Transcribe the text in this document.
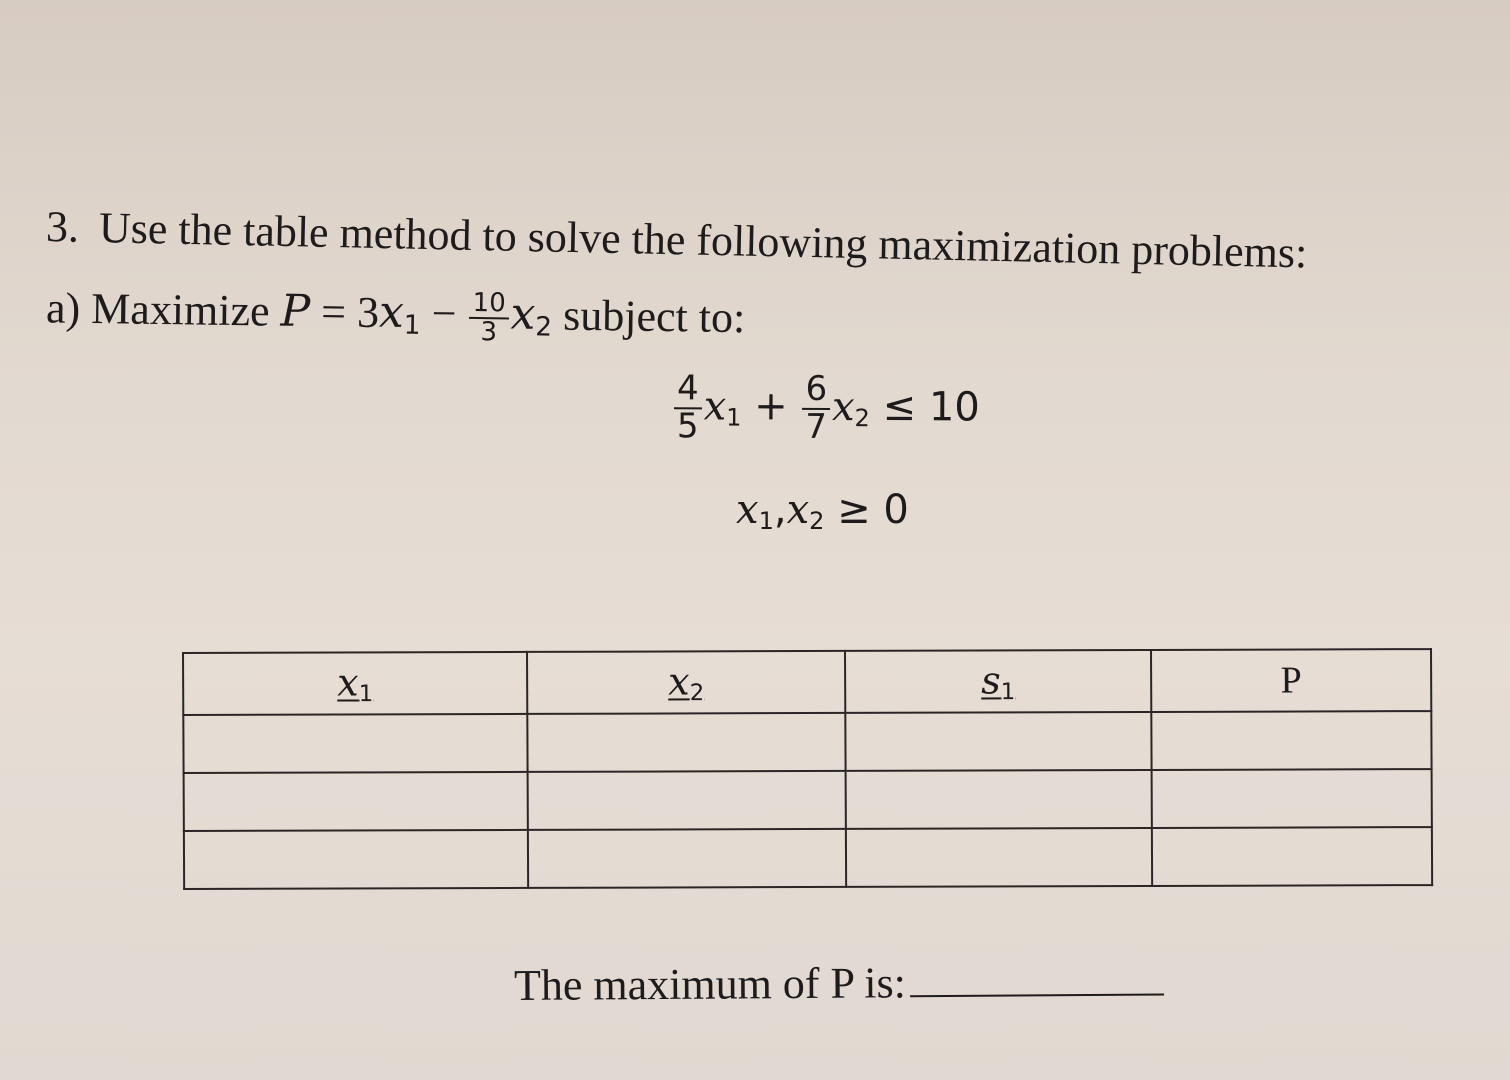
3. Use the table method to solve the following maximization problems:
a) Maximize $P = 3x_1 - \frac{10}{3} x_2$ subject to:
$\frac{4}{5} x_1 + \frac{6}{7} x_2 \le 10$
$x_1,x_2 \ge 0$
$x_1$	$x_2$	$s_1$	P

The maximum of P is:
